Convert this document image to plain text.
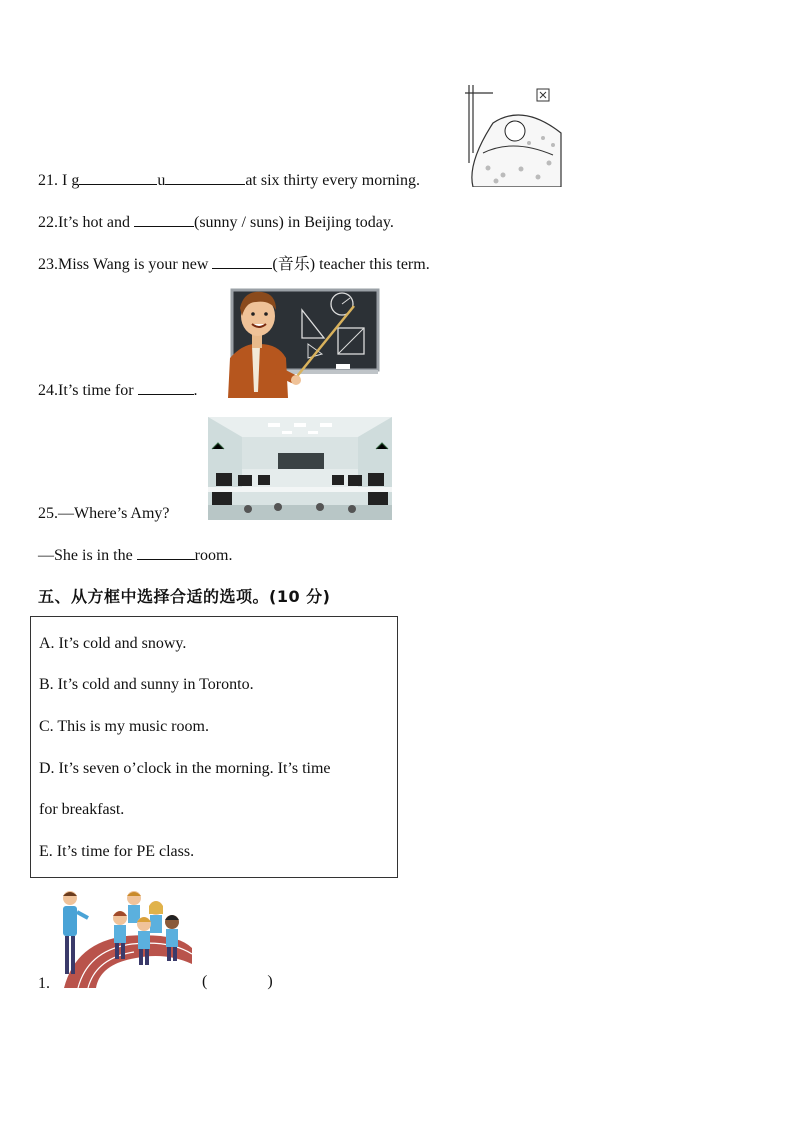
21. I g	u	at six thirty every morning.
22.It’s hot and	(sunny / suns) in Beijing today.
23.Miss Wang is your new	(音乐) teacher this term.
24.It’s time for	.
25.—Where’s Amy?
—She is in the	room.
五、从方框中选择合适的选项。(10 分)
A. It’s cold and snowy.
B. It’s cold and sunny in Toronto.
C. This is my music room.
D. It’s seven o’clock in the morning. It’s time
for breakfast.
E. It’s time for PE class.
1.	(	)
